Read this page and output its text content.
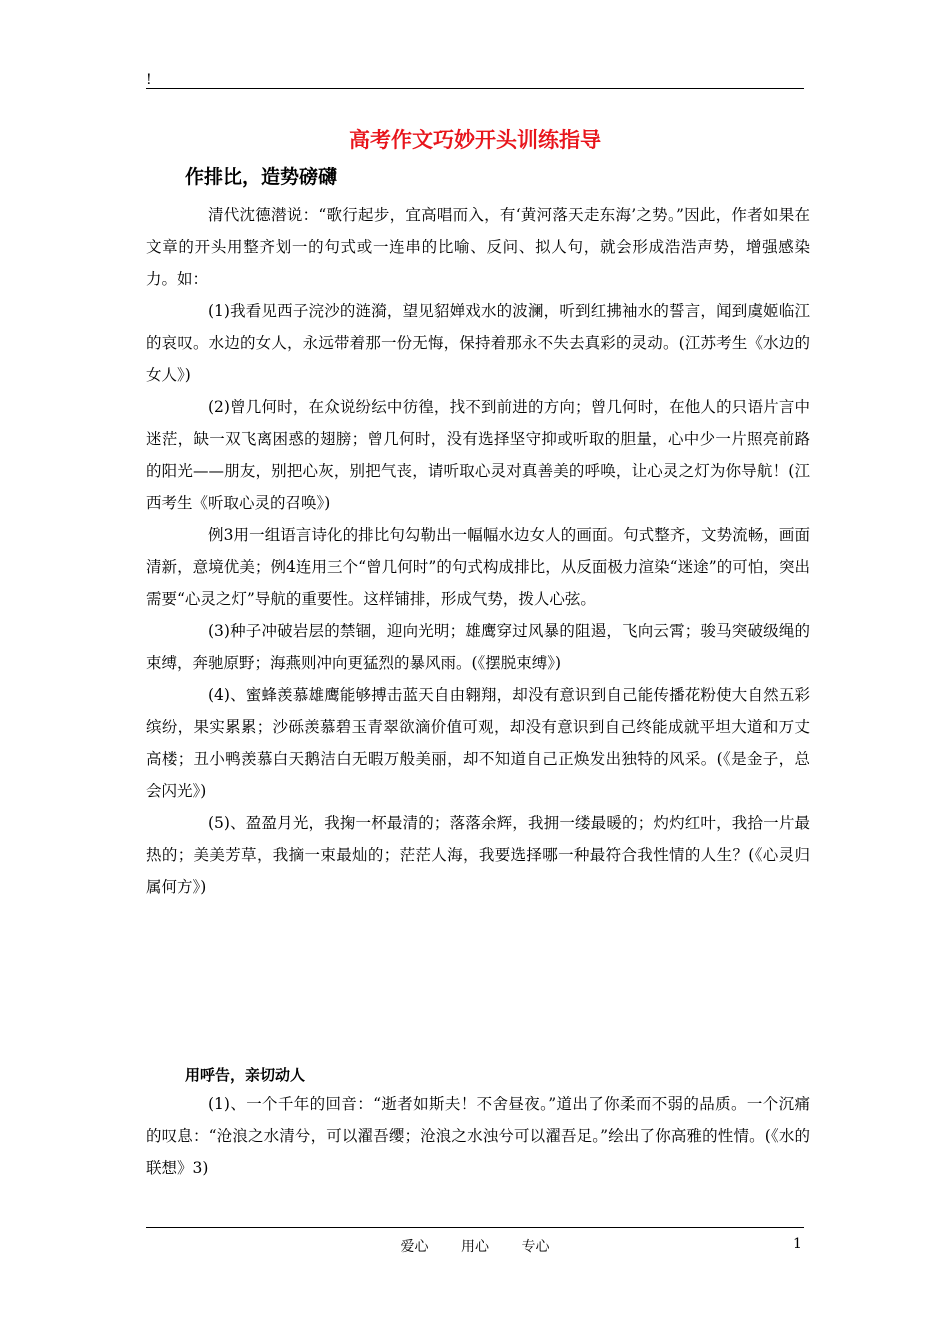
!
高考作文巧妙开头训练指导
作排比，造势磅礴

清代沈德潜说：“歌行起步，宜高唱而入，有‘黄河落天走东海’之势。”因此，作者如果在文章的开头用整齐划一的句式或一连串的比喻、反问、拟人句，就会形成浩浩声势，增强感染力。如：

(1)我看见西子浣沙的涟漪，望见貂婵戏水的波澜，听到红拂袖水的誓言，闻到虞姬临江的哀叹。水边的女人，永远带着那一份无悔，保持着那永不失去真彩的灵动。(江苏考生《水边的女人》)

(2)曾几何时，在众说纷纭中彷徨，找不到前进的方向；曾几何时，在他人的只语片言中迷茫，缺一双飞离困惑的翅膀；曾几何时，没有选择坚守抑或听取的胆量，心中少一片照亮前路的阳光——朋友，别把心灰，别把气丧，请听取心灵对真善美的呼唤，让心灵之灯为你导航！(江西考生《听取心灵的召唤》)

例3用一组语言诗化的排比句勾勒出一幅幅水边女人的画面。句式整齐，文势流畅，画面清新，意境优美；例4连用三个“曾几何时”的句式构成排比，从反面极力渲染“迷途”的可怕，突出需要“心灵之灯”导航的重要性。这样铺排，形成气势，拨人心弦。

(3)种子冲破岩层的禁锢，迎向光明；雄鹰穿过风暴的阻遏，飞向云霄；骏马突破级绳的束缚，奔驰原野；海燕则冲向更猛烈的暴风雨。(《摆脱束缚》)

(4)、蜜蜂羡慕雄鹰能够搏击蓝天自由翱翔，却没有意识到自己能传播花粉使大自然五彩缤纷，果实累累；沙砾羡慕碧玉青翠欲滴价值可观，却没有意识到自己终能成就平坦大道和万丈高楼；丑小鸭羡慕白天鹅洁白无暇万般美丽，却不知道自己正焕发出独特的风采。(《是金子，总会闪光》)

(5)、盈盈月光，我掬一杯最清的；落落余辉，我拥一缕最暖的；灼灼红叶，我拾一片最热的；美美芳草，我摘一束最灿的；茫茫人海，我要选择哪一种最符合我性情的人生？(《心灵归属何方》)

用呼告，亲切动人

(1)、一个千年的回音：“逝者如斯夫！不舍昼夜。”道出了你柔而不弱的品质。一个沉痛的叹息：“沧浪之水清兮，可以濯吾缨；沧浪之水浊兮可以濯吾足。”绘出了你高雅的性情。(《水的联想》3)

爱心 用心 专心	1
